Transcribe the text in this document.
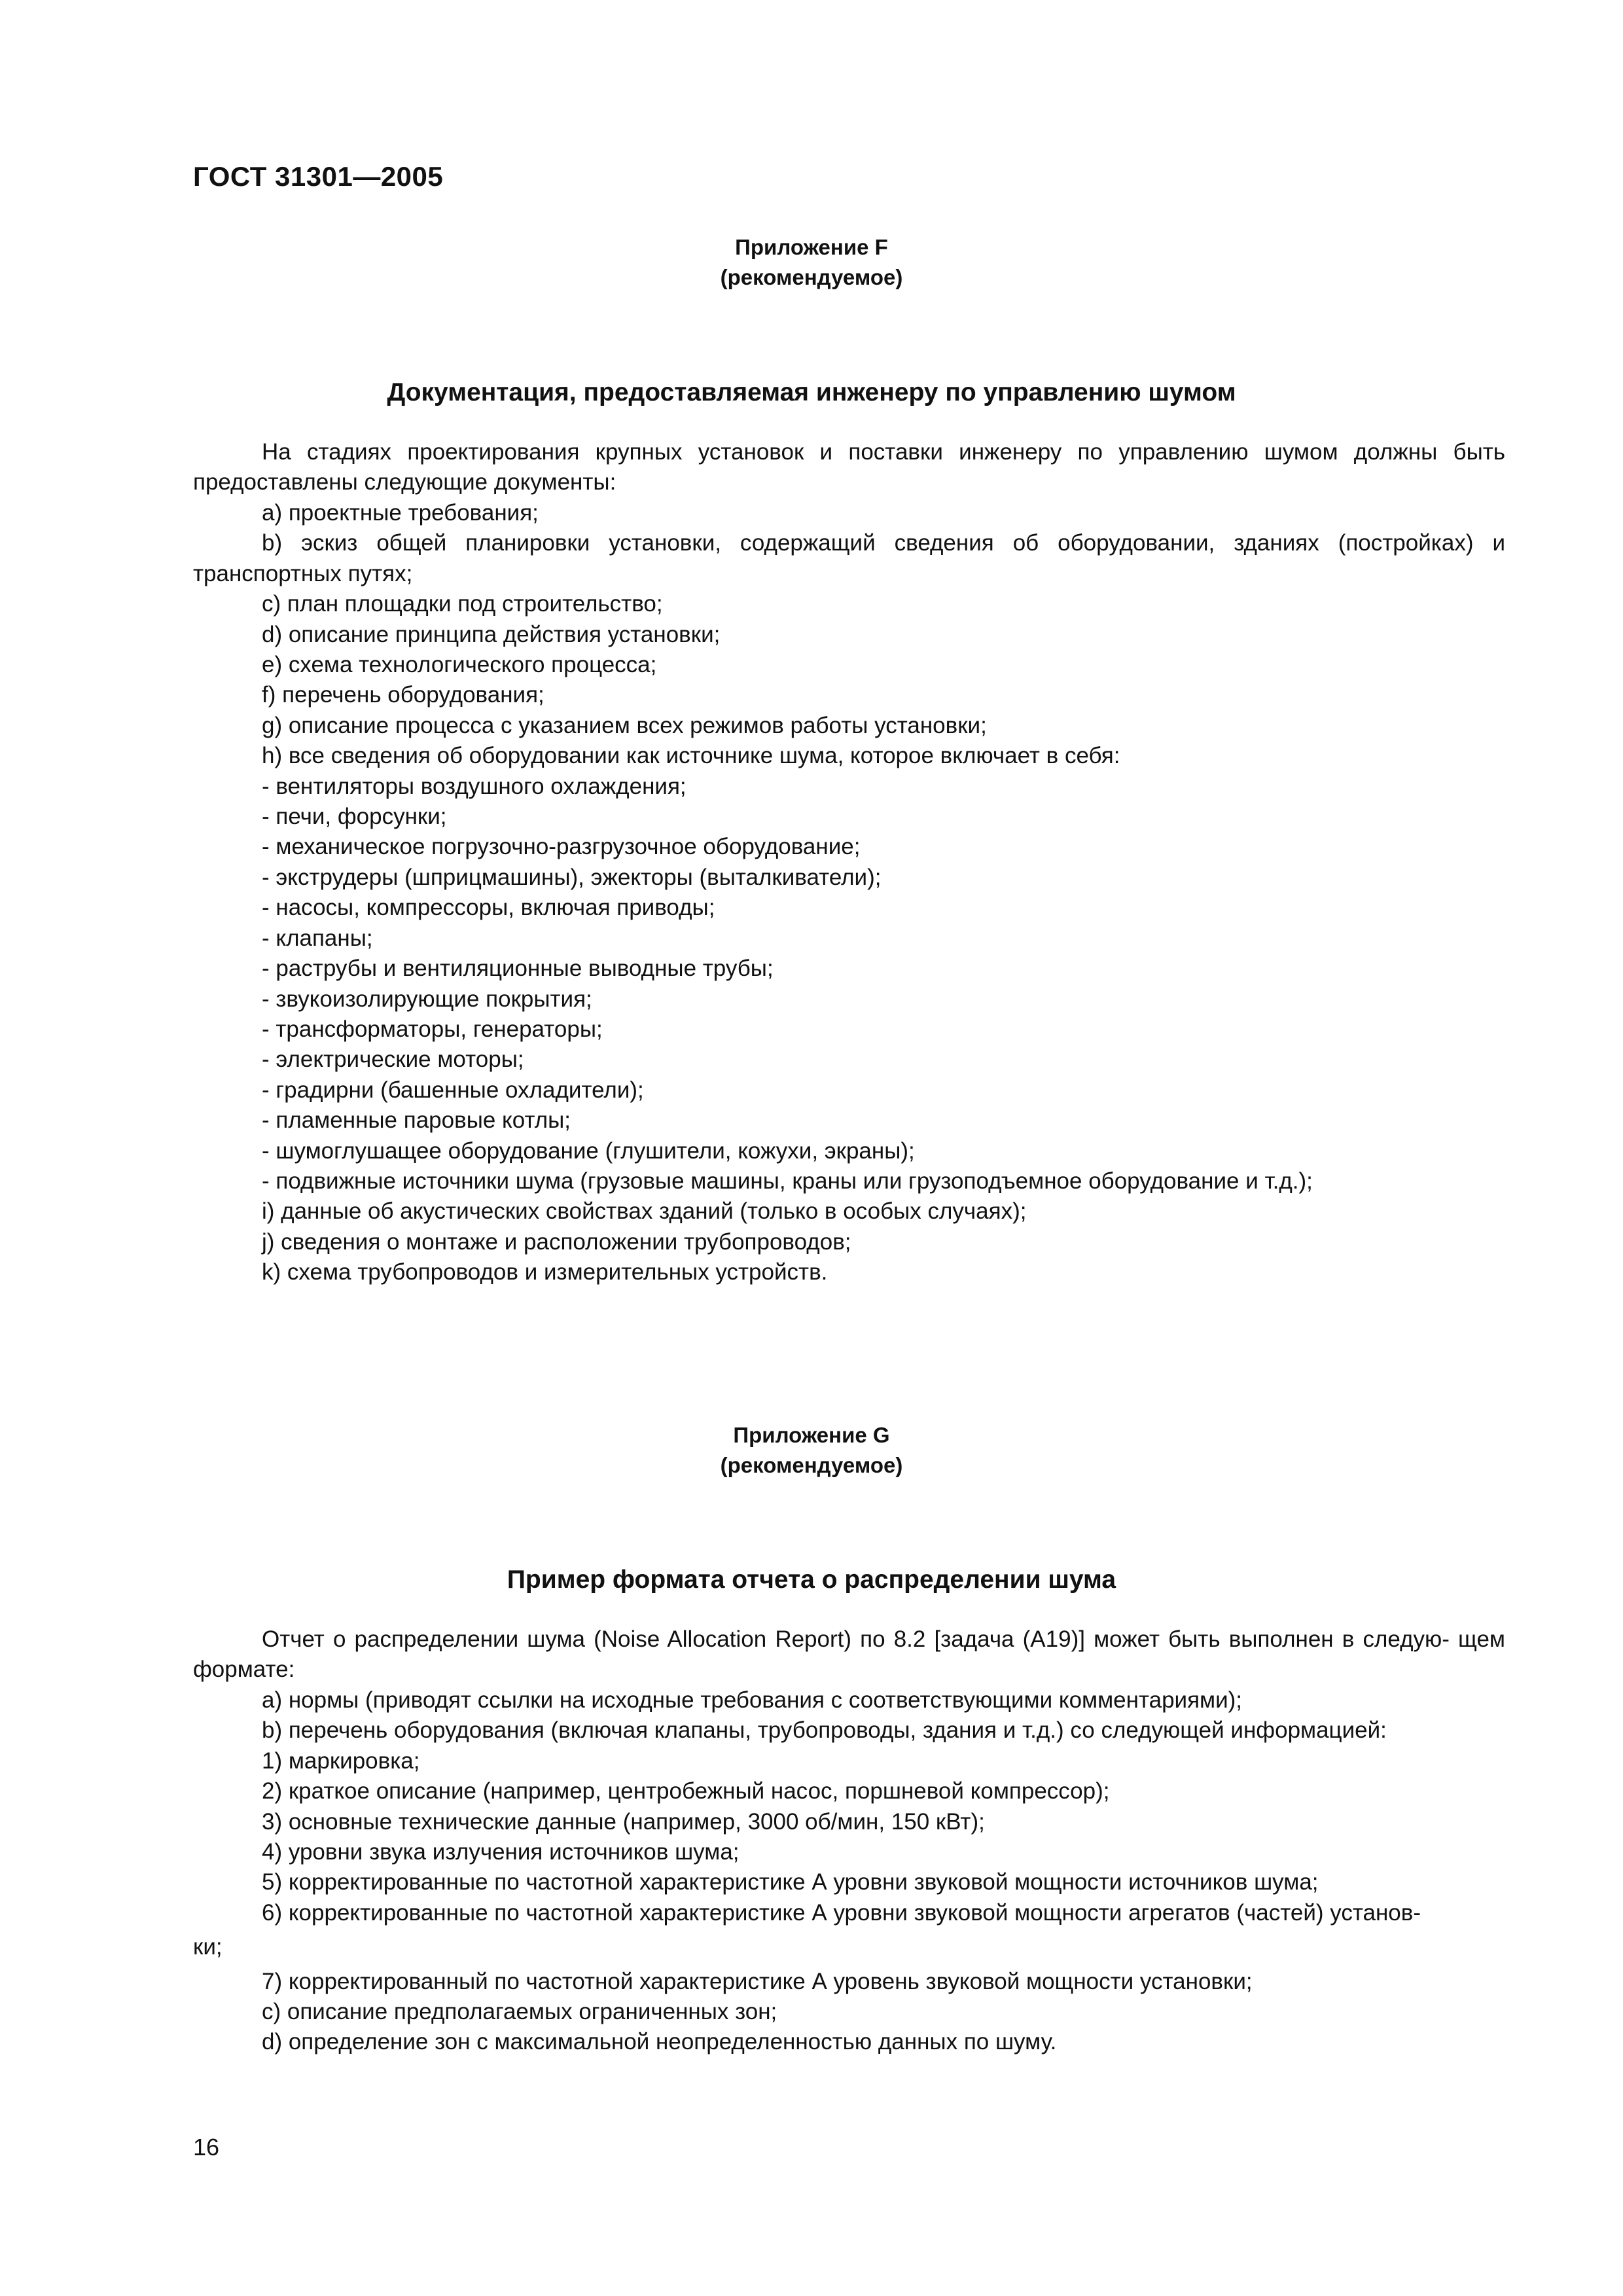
ГОСТ 31301—2005
Приложение F
(рекомендуемое)
Документация, предоставляемая инженеру по управлению шумом
На стадиях проектирования крупных установок и поставки инженеру по управлению шумом должны быть предоставлены следующие документы:
а) проектные требования;
b) эскиз общей планировки установки, содержащий сведения об оборудовании, зданиях (постройках) и
транспортных путях;
c) план площадки под строительство;
d) описание принципа действия установки;
e) схема технологического процесса;
f) перечень оборудования;
g) описание процесса с указанием всех режимов работы установки;
h) все сведения об оборудовании как источнике шума, которое включает в себя:
- вентиляторы воздушного охлаждения;
- печи, форсунки;
- механическое погрузочно-разгрузочное оборудование;
- экструдеры (шприцмашины), эжекторы (выталкиватели);
- насосы, компрессоры, включая приводы;
- клапаны;
- раструбы и вентиляционные выводные трубы;
- звукоизолирующие покрытия;
- трансформаторы, генераторы;
- электрические моторы;
- градирни (башенные охладители);
- пламенные паровые котлы;
- шумоглушащее оборудование (глушители, кожухи, экраны);
- подвижные источники шума (грузовые машины, краны или грузоподъемное оборудование и т.д.);
i) данные об акустических свойствах зданий (только в особых случаях);
j) сведения о монтаже и расположении трубопроводов;
k) схема трубопроводов и измерительных устройств.
Приложение G
(рекомендуемое)
Пример формата отчета о распределении шума
Отчет о распределении шума (Noise Allocation Report) по 8.2 [задача (A19)] может быть выполнен в следую- щем формате:
а) нормы (приводят ссылки на исходные требования с соответствующими комментариями);
b) перечень оборудования (включая клапаны, трубопроводы, здания и т.д.) со следующей информацией:
1) маркировка;
2) краткое описание (например, центробежный насос, поршневой компрессор);
3) основные технические данные (например, 3000 об/мин, 150 кВт);
4) уровни звука излучения источников шума;
5) корректированные по частотной характеристике А уровни звуковой мощности источников шума;
6) корректированные по частотной характеристике А уровни звуковой мощности агрегатов (частей) установ-
ки;
7) корректированный по частотной характеристике А уровень звуковой мощности установки;
c) описание предполагаемых ограниченных зон;
d) определение зон с максимальной неопределенностью данных по шуму.
16
